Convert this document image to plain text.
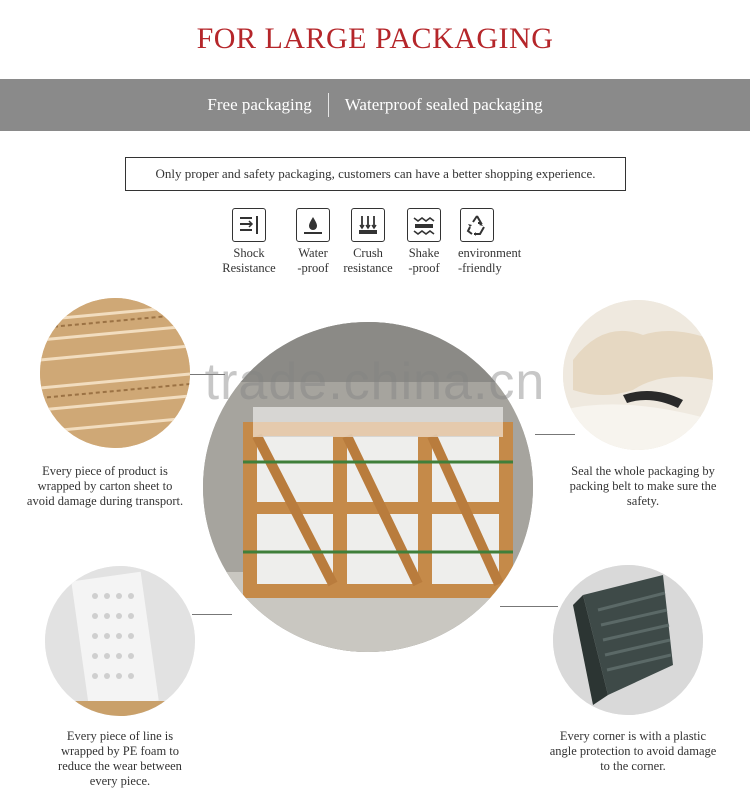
FOR LARGE PACKAGING
Free packaging Waterproof sealed packaging
Only proper and safety packaging, customers can have a better shopping experience.
Shock
Resistance
Water
-proof
Crush
resistance
Shake
-proof
environment
-friendly
Every piece of product is wrapped by carton sheet to avoid damage during transport.
Seal the whole packaging by packing belt to make sure the safety.
Every piece of line is wrapped by PE foam to reduce the wear between every piece.
Every corner is with a plastic angle protection to avoid damage to the corner.
trade.china.cn
